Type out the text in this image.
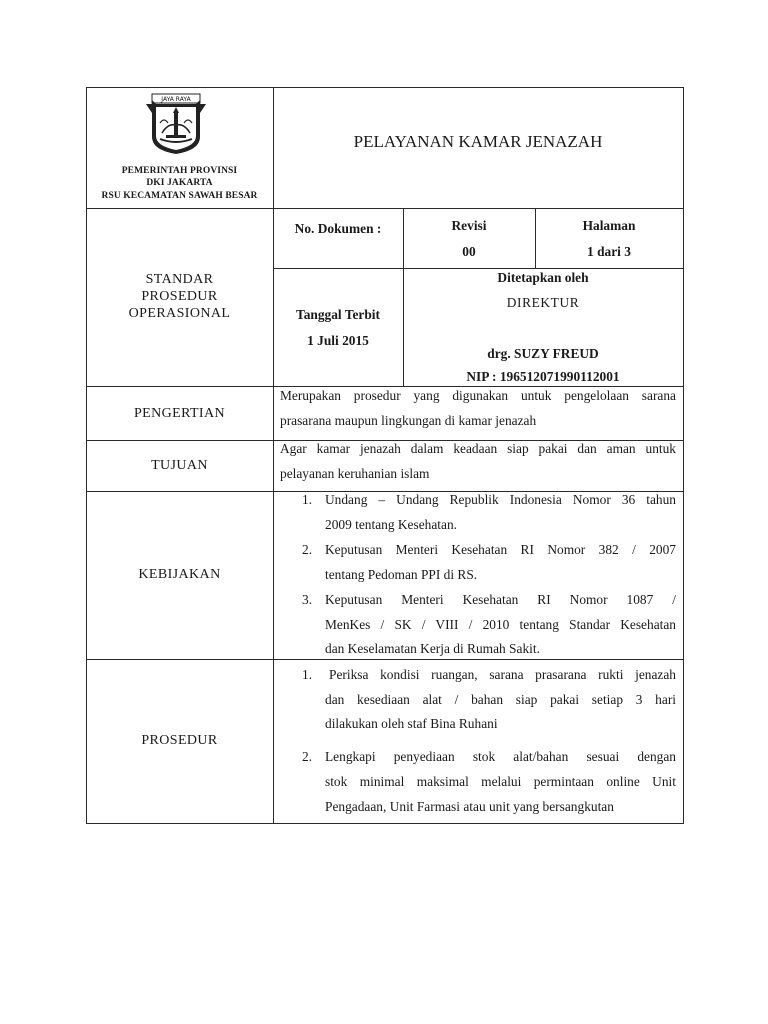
JAYA RAYA
PEMERINTAH PROVINSI
DKI JAKARTA
RSU KECAMATAN SAWAH BESAR
PELAYANAN KAMAR JENAZAH
No. Dokumen :	Revisi
00
Halaman
1 dari 3
STANDAR
PROSEDUR
OPERASIONAL	Tanggal Terbit
1 Juli 2015
Ditetapkan oleh
DIREKTUR
drg. SUZY FREUD
NIP : 196512071990112001
PENGERTIAN
Merupakan prosedur yang digunakan untuk pengelolaan sarana
prasarana maupun lingkungan di kamar jenazah
TUJUAN
Agar kamar jenazah dalam keadaan siap pakai dan aman untuk
pelayanan keruhanian islam
KEBIJAKAN
1. Undang – Undang Republik Indonesia Nomor 36 tahun
2009 tentang Kesehatan.
2. Keputusan Menteri Kesehatan RI Nomor 382 / 2007
tentang Pedoman PPI di RS.
3. Keputusan Menteri Kesehatan RI Nomor 1087 /
MenKes / SK / VIII / 2010 tentang Standar Kesehatan
dan Keselamatan Kerja di Rumah Sakit.
PROSEDUR
1. Periksa kondisi ruangan, sarana prasarana rukti jenazah
dan kesediaan alat / bahan siap pakai setiap 3 hari
dilakukan oleh staf Bina Ruhani
2. Lengkapi penyediaan stok alat/bahan sesuai dengan
stok minimal maksimal melalui permintaan online Unit
Pengadaan, Unit Farmasi atau unit yang bersangkutan
